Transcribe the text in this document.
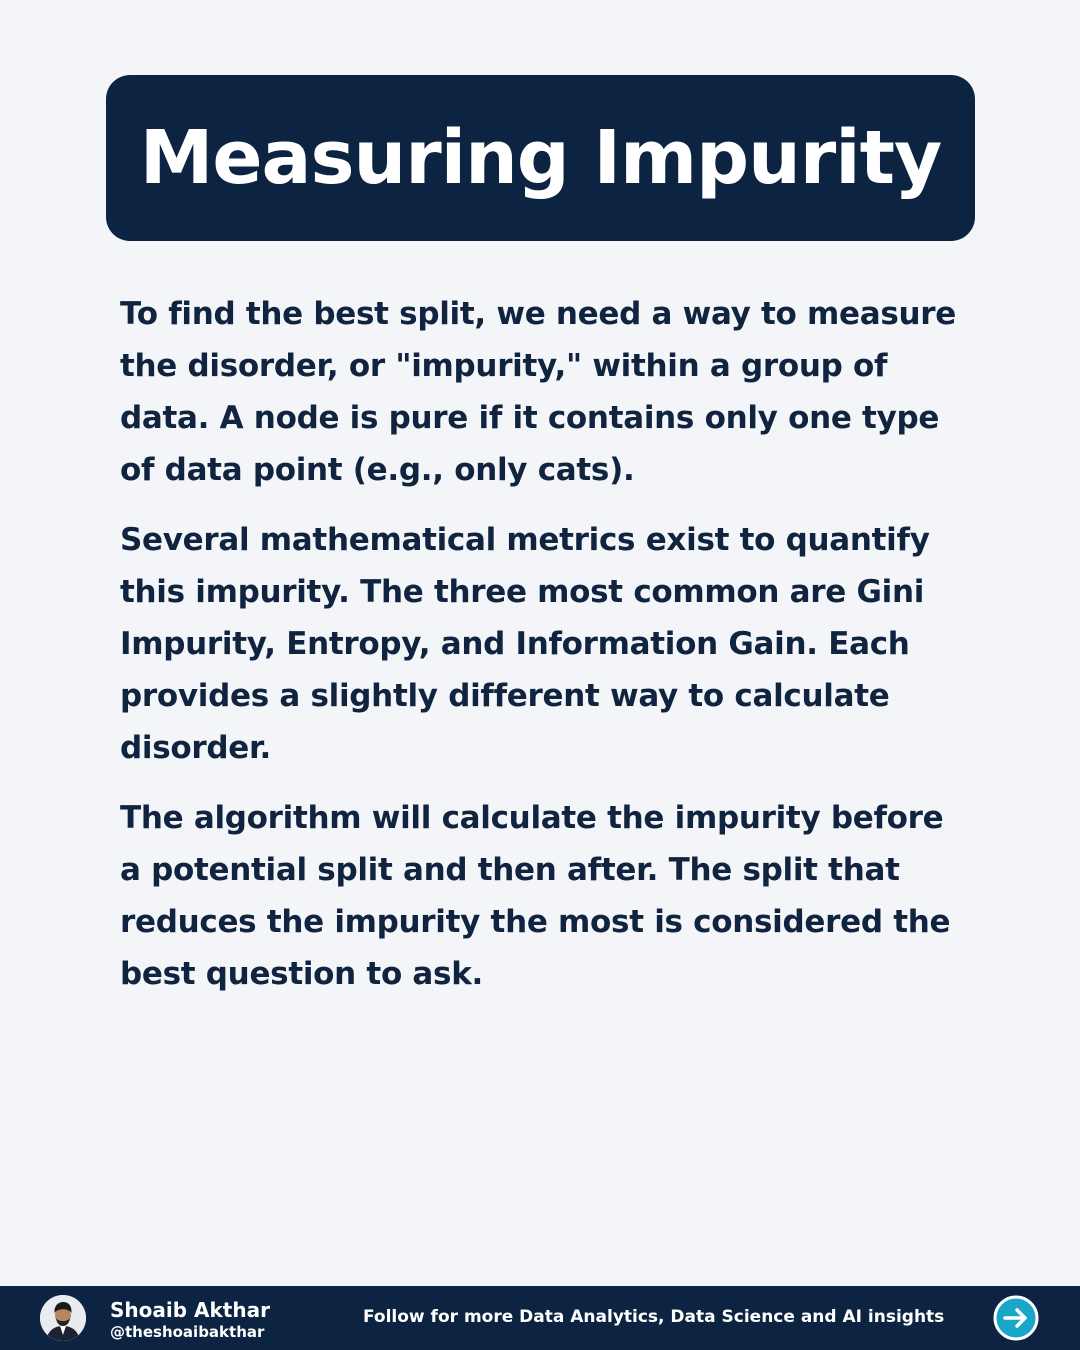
Measuring Impurity

To find the best split, we need a way to measure the disorder, or "impurity," within a group of data. A node is pure if it contains only one type of data point (e.g., only cats).

Several mathematical metrics exist to quantify this impurity. The three most common are Gini Impurity, Entropy, and Information Gain. Each provides a slightly different way to calculate disorder.

The algorithm will calculate the impurity before a potential split and then after. The split that reduces the impurity the most is considered the best question to ask.

Shoaib Akthar
@theshoaibakthar
Follow for more Data Analytics, Data Science and AI insights
